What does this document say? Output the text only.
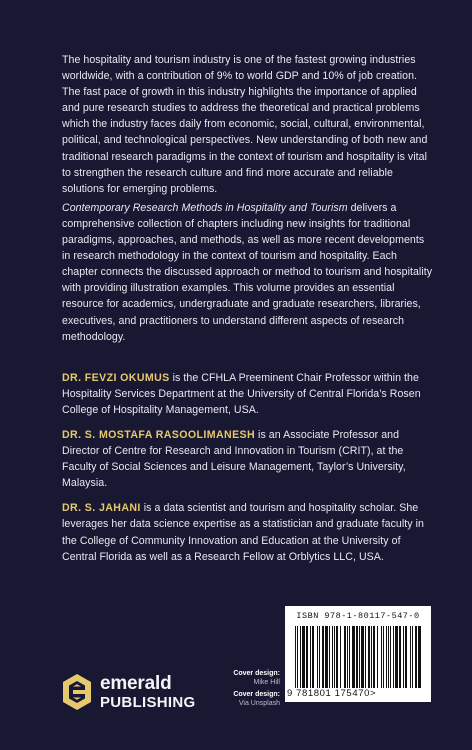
The hospitality and tourism industry is one of the fastest growing industries worldwide, with a contribution of 9% to world GDP and 10% of job creation. The fast pace of growth in this industry highlights the importance of applied and pure research studies to address the theoretical and practical problems which the industry faces daily from economic, social, cultural, environmental, political, and technological perspectives. New understanding of both new and traditional research paradigms in the context of tourism and hospitality is vital to strengthen the research culture and find more accurate and reliable solutions for emerging problems.

Contemporary Research Methods in Hospitality and Tourism delivers a comprehensive collection of chapters including new insights for traditional paradigms, approaches, and methods, as well as more recent developments in research methodology in the context of tourism and hospitality. Each chapter connects the discussed approach or method to tourism and hospitality with providing illustration examples. This volume provides an essential resource for academics, undergraduate and graduate researchers, libraries, executives, and practitioners to understand different aspects of research methodology.

DR. FEVZI OKUMUS is the CFHLA Preeminent Chair Professor within the Hospitality Services Department at the University of Central Florida’s Rosen College of Hospitality Management, USA.

DR. S. MOSTAFA RASOOLIMANESH is an Associate Professor and Director of Centre for Research and Innovation in Tourism (CRIT), at the Faculty of Social Sciences and Leisure Management, Taylor’s University, Malaysia.

DR. S. JAHANI is a data scientist and tourism and hospitality scholar. She leverages her data science expertise as a statistician and graduate faculty in the College of Community Innovation and Education at the University of Central Florida as well as a Research Fellow at Orblytics LLC, USA.

emerald
PUBLISHING
Cover design:
Mike Hill
Cover design:
Via Unsplash
ISBN 978-1-80117-547-0
9 781801 175470>
